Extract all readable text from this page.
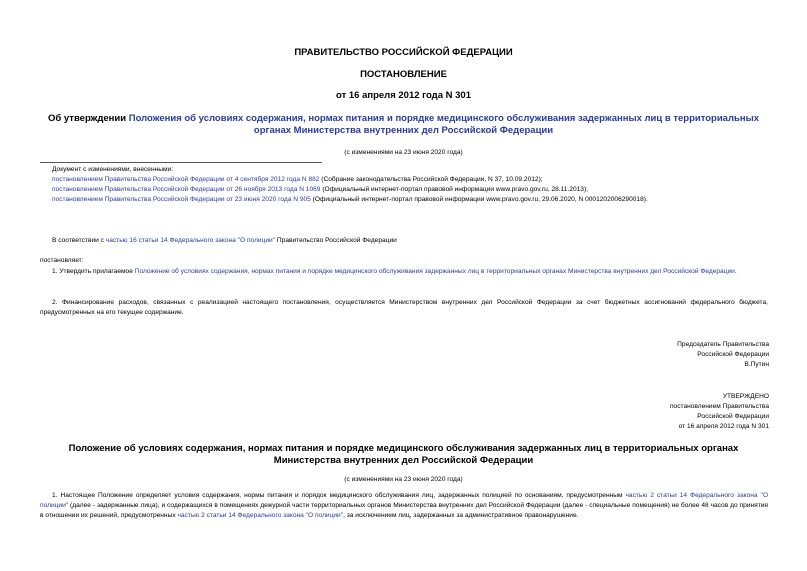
ПРАВИТЕЛЬСТВО РОССИЙСКОЙ ФЕДЕРАЦИИ
ПОСТАНОВЛЕНИЕ
от 16 апреля 2012 года N 301
Об утверждении Положения об условиях содержания, нормах питания и порядке медицинского обслуживания задержанных лиц в территориальных органах Министерства внутренних дел Российской Федерации
(с изменениями на 23 июня 2020 года)
Документ с изменениями, внесенными:
постановлением Правительства Российской Федерации от 4 сентября 2012 года N 882 (Собрание законодательства Российской Федерации, N 37, 10.09.2012);
постановлением Правительства Российской Федерации от 26 ноября 2013 года N 1069 (Официальный интернет-портал правовой информации www.pravo.gov.ru, 28.11.2013);
постановлением Правительства Российской Федерации от 23 июня 2020 года N 905 (Официальный интернет-портал правовой информации www.pravo.gov.ru, 29.06.2020, N 0001202006290018).
В соответствии с частью 16 статьи 14 Федерального закона "О полиции" Правительство Российской Федерации
постановляет:
1. Утвердить прилагаемое Положение об условиях содержания, нормах питания и порядке медицинского обслуживания задержанных лиц в территориальных органах Министерства внутренних дел Российской Федерации.
2. Финансирование расходов, связанных с реализацией настоящего постановления, осуществляется Министерством внутренних дел Российской Федерации за счет бюджетных ассигнований федерального бюджета, предусмотренных на его текущее содержание.
Председатель Правительства
Российской Федерации
В.Путин
УТВЕРЖДЕНО
постановлением Правительства
Российской Федерации
от 16 апреля 2012 года N 301
Положение об условиях содержания, нормах питания и порядке медицинского обслуживания задержанных лиц в территориальных органах Министерства внутренних дел Российской Федерации
(с изменениями на 23 июня 2020 года)
1. Настоящее Положение определяет условия содержания, нормы питания и порядок медицинского обслуживания лиц, задержанных полицией по основаниям, предусмотренным частью 2 статьи 14 Федерального закона "О полиции" (далее - задержанные лица), и содержащихся в помещениях дежурной части территориальных органов Министерства внутренних дел Российской Федерации (далее - специальные помещения) не более 48 часов до принятия в отношении их решений, предусмотренных частью 2 статьи 14 Федерального закона "О полиции", за исключением лиц, задержанных за административное правонарушение.
